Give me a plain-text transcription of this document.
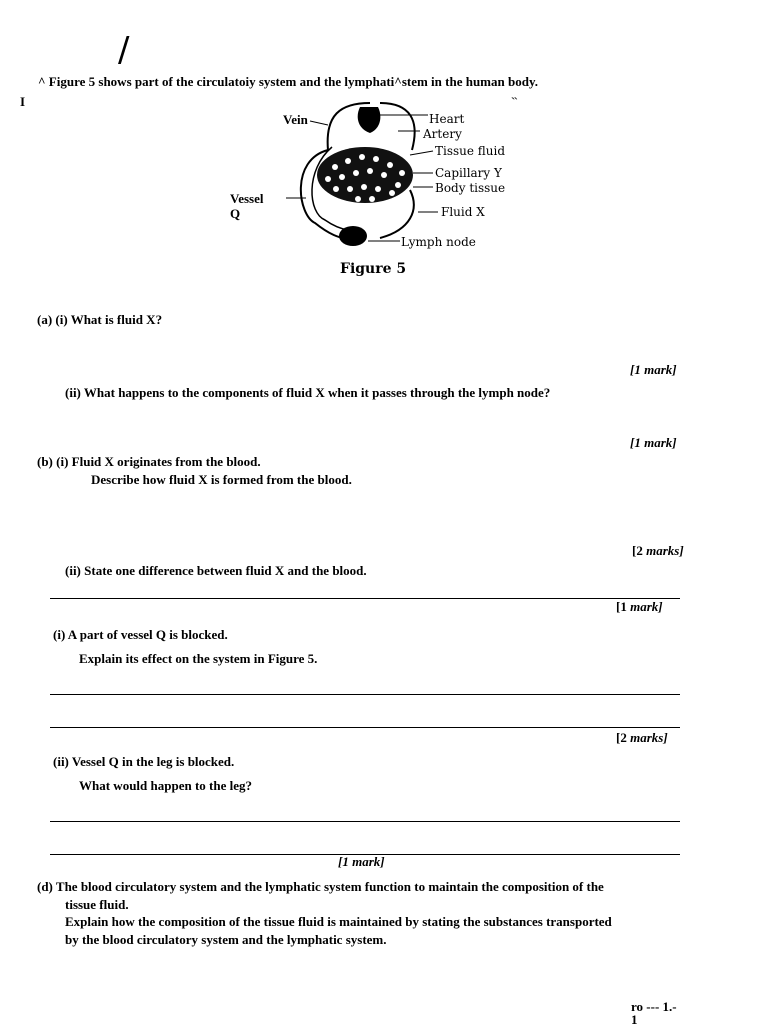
/
^ Figure 5 shows part of the circulatoiy system and the lymphati^stem in the human body.
I	˵
Vein	Heart
Artery
Tissue fluid
Capillary Y
Body tissue
Fluid X
Lymph node
Vessel
Q
Figure 5
(a) (i) What is fluid X?
[1 mark]
(ii) What happens to the components of fluid X when it passes through the lymph node?
[1 mark]
(b) (i) Fluid X originates from the blood.
Describe how fluid X is formed from the blood.
[2 marks]
(ii) State one difference between fluid X and the blood.
[1 mark]
(i) A part of vessel Q is blocked.
Explain its effect on the system in Figure 5.
[2 marks]
(ii) Vessel Q in the leg is blocked.
What would happen to the leg?
[1 mark]
(d) The blood circulatory system and the lymphatic system function to maintain the composition of the
tissue fluid.
Explain how the composition of the tissue fluid is maintained by stating the substances transported
by the blood circulatory system and the lymphatic system.
ro --- 1.-
1
